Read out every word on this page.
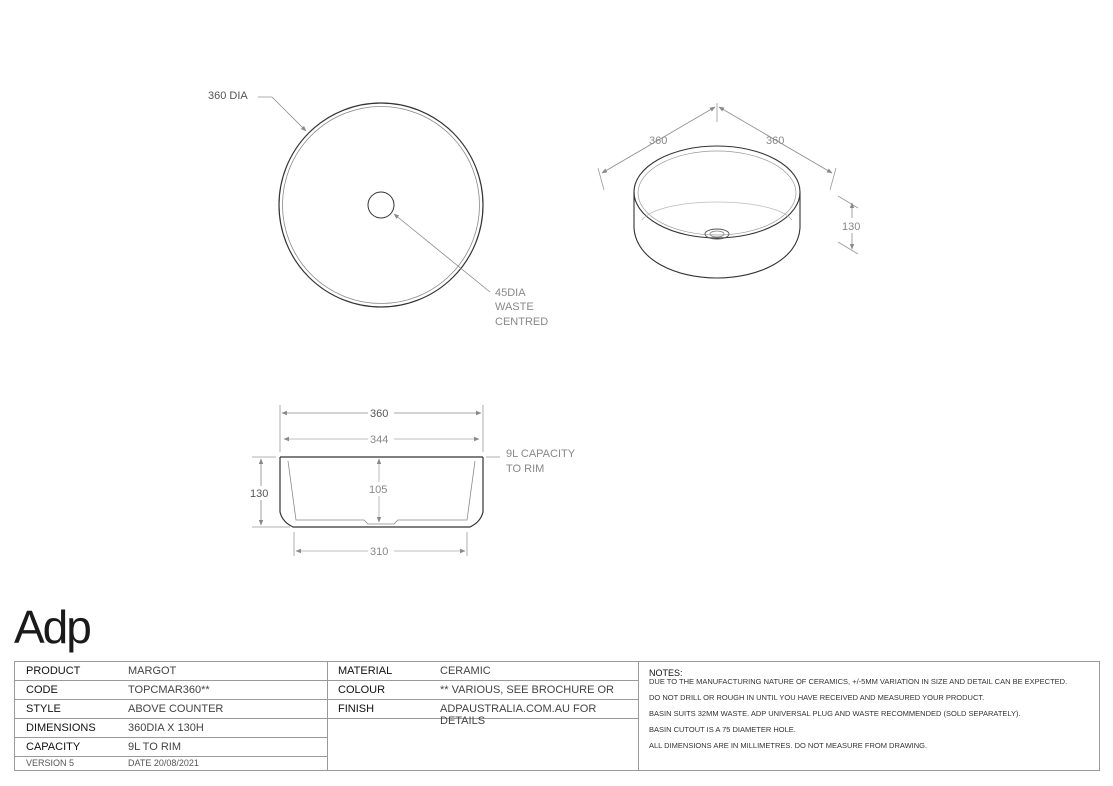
360 DIA
45DIA
WASTE
CENTRED
360	360
130
360
344
130	105
310
9L CAPACITY
TO RIM
Adp
PRODUCT	MARGOT
CODE	TOPCMAR360**
STYLE	ABOVE COUNTER
DIMENSIONS	360DIA X 130H
CAPACITY	9L TO RIM
VERSION 5	DATE 20/08/2021
MATERIAL	CERAMIC
COLOUR	** VARIOUS, SEE BROCHURE OR
FINISH	ADPAUSTRALIA.COM.AU FOR DETAILS
NOTES:
DUE TO THE MANUFACTURING NATURE OF CERAMICS, +/-5MM VARIATION IN SIZE AND DETAIL CAN BE EXPECTED.
DO NOT DRILL OR ROUGH IN UNTIL YOU HAVE RECEIVED AND MEASURED YOUR PRODUCT.
BASIN SUITS 32MM WASTE. ADP UNIVERSAL PLUG AND WASTE RECOMMENDED (SOLD SEPARATELY).
BASIN CUTOUT IS A 75 DIAMETER HOLE.
ALL DIMENSIONS ARE IN MILLIMETRES. DO NOT MEASURE FROM DRAWING.
